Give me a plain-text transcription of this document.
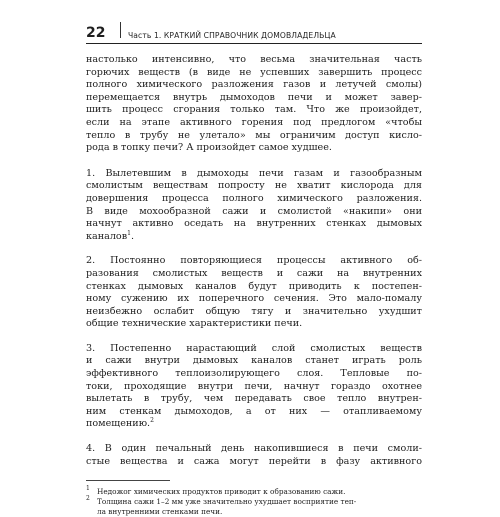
22	Часть 1. КРАТКИЙ СПРАВОЧНИК ДОМОВЛАДЕЛЬЦА

настолько интенсивно, что весьма значительная часть
горючих веществ (в виде не успевших завершить процесс
полного химического разложения газов и летучей смолы)
перемещается внутрь дымоходов печи и может завер-
шить процесс сгорания только там. Что же произойдет,
если на этапе активного горения под предлогом «чтобы
тепло в трубу не улетало» мы ограничим доступ кисло-
рода в топку печи? А произойдет самое худшее.

1. Вылетевшим в дымоходы печи газам и газообразным
смолистым веществам попросту не хватит кислорода для
довершения процесса полного химического разложения.
В виде мохообразной сажи и смолистой «накипи» они
начнут активно оседать на внутренних стенках дымовых
каналов$^1$.

2. Постоянно повторяющиеся процессы активного об-
разования смолистых веществ и сажи на внутренних
стенках дымовых каналов будут приводить к постепен-
ному сужению их поперечного сечения. Это мало-помалу
неизбежно ослабит общую тягу и значительно ухудшит
общие технические характеристики печи.

3. Постепенно нарастающий слой смолистых веществ
и сажи внутри дымовых каналов станет играть роль
эффективного теплоизолирующего слоя. Тепловые по-
токи, проходящие внутри печи, начнут гораздо охотнее
вылетать в трубу, чем передавать свое тепло внутрен-
ним стенкам дымоходов, а от них — отапливаемому
помещению.$^2$

4. В один печальный день накопившиеся в печи смоли-
стые вещества и сажа могут перейти в фазу активного

$^1$ Недожог химических продуктов приводит к образованию сажи.
$^2$ Толщина сажи 1–2 мм уже значительно ухудшает восприятие теп-
ла внутренними стенками печи.
